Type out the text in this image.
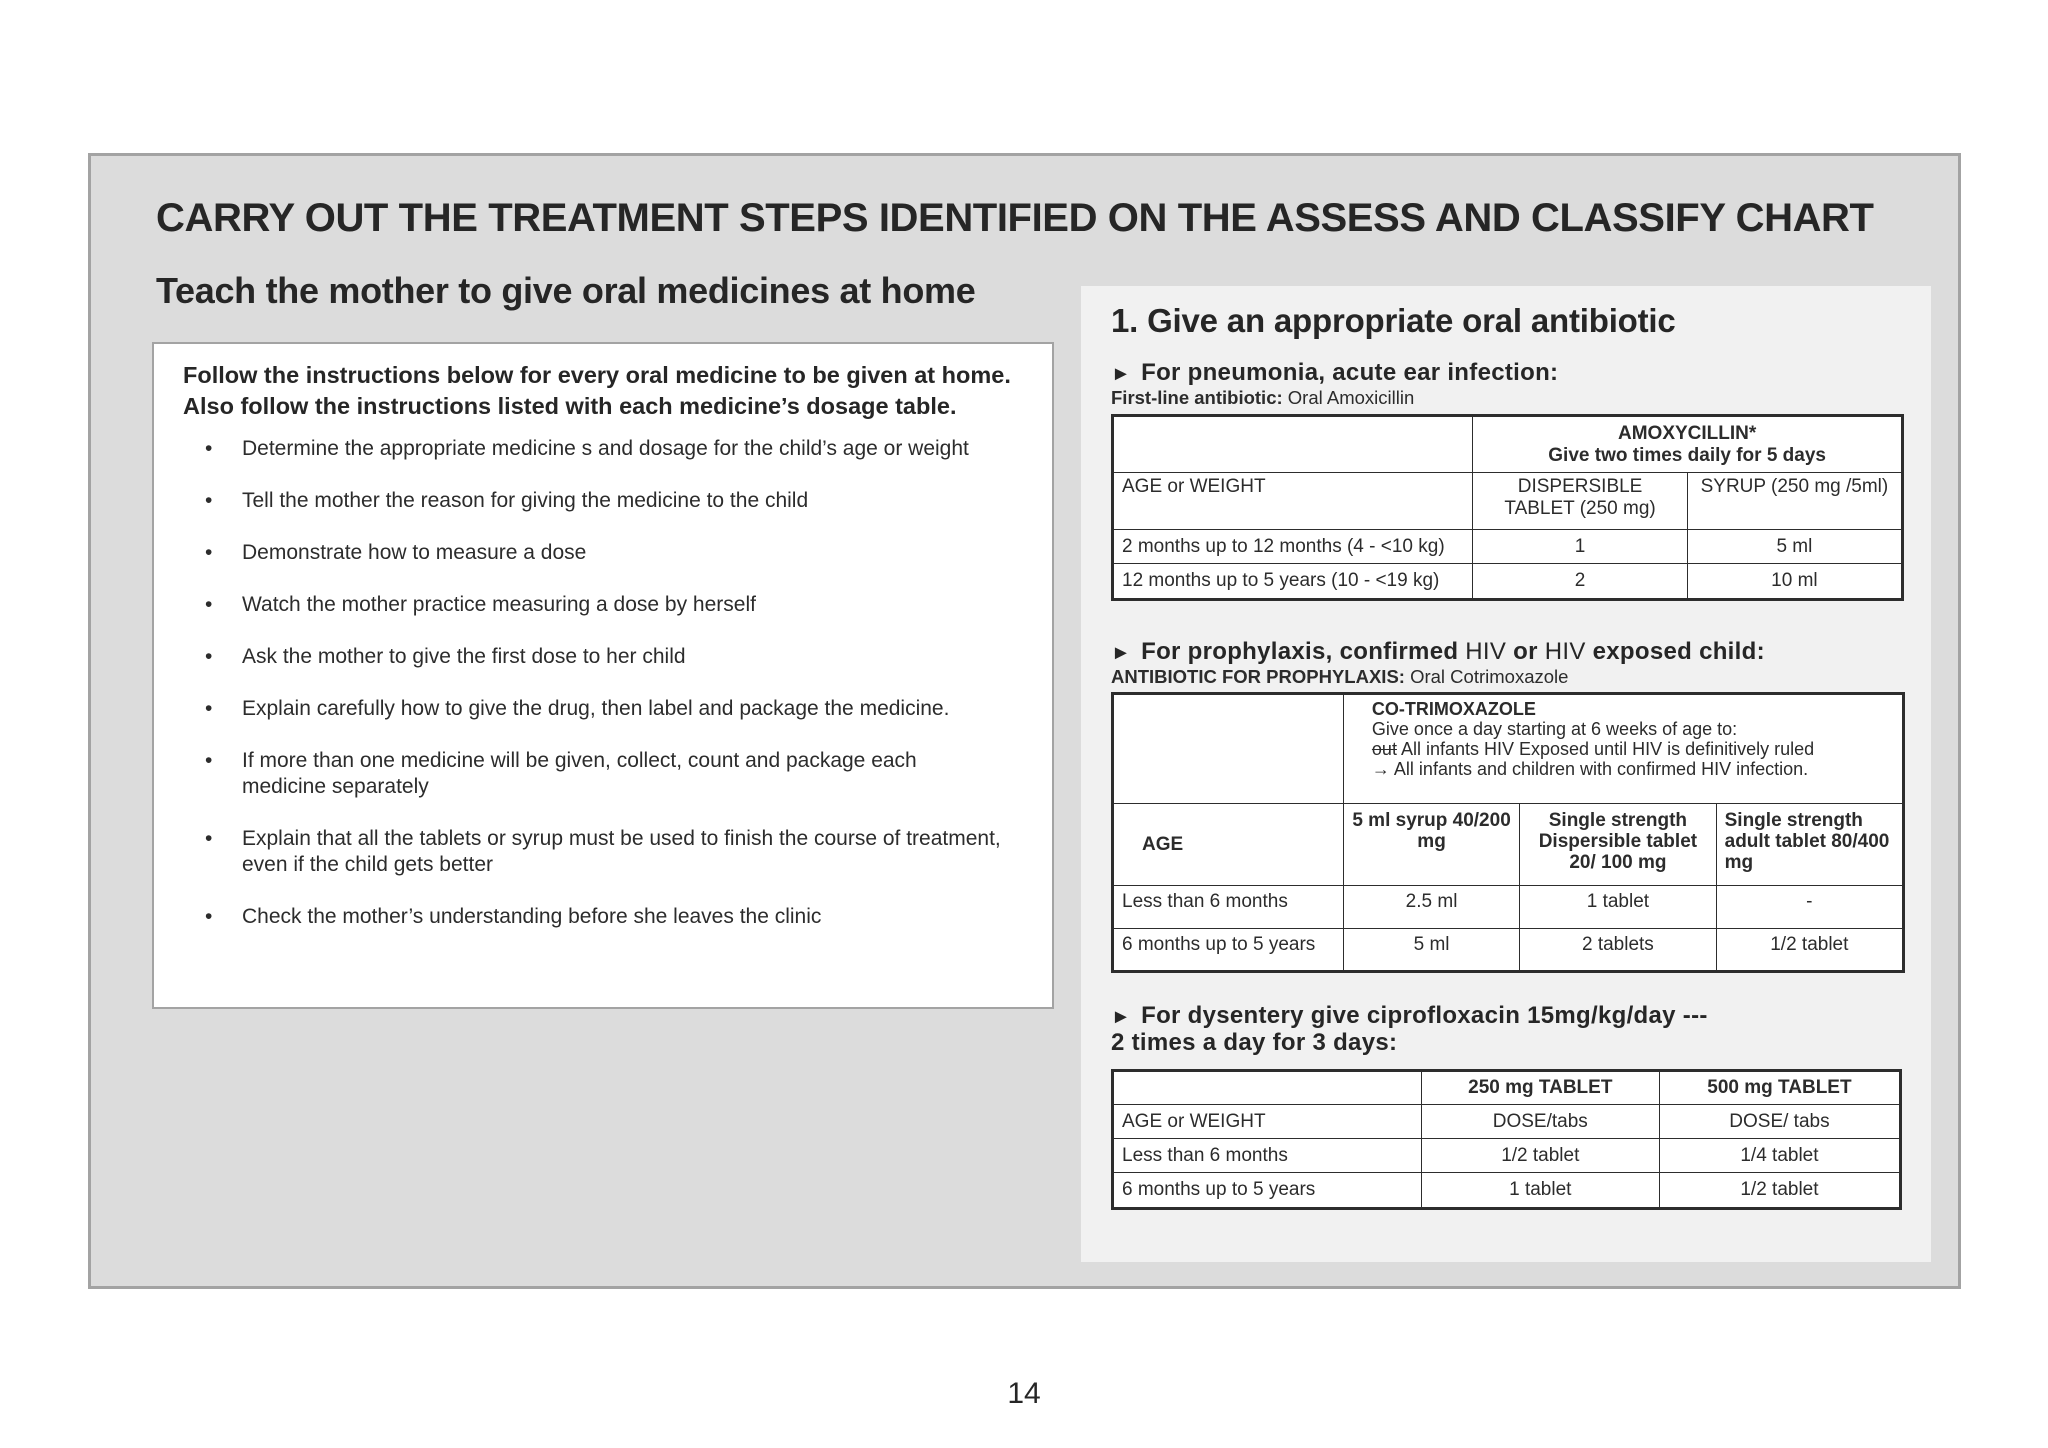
CARRY OUT THE TREATMENT STEPS IDENTIFIED ON THE ASSESS AND CLASSIFY CHART
Teach the mother to give oral medicines at home

Follow the instructions below for every oral medicine to be given at home. Also follow the instructions listed with each medicine’s dosage table.

• Determine the appropriate medicine s and dosage for the child’s age or weight
• Tell the mother the reason for giving the medicine to the child
• Demonstrate how to measure a dose
• Watch the mother practice measuring a dose by herself
• Ask the mother to give the first dose to her child
• Explain carefully how to give the drug, then label and package the medicine.
• If more than one medicine will be given, collect, count and package each medicine separately
• Explain that all the tablets or syrup must be used to finish the course of treatment, even if the child gets better
• Check the mother’s understanding before she leaves the clinic
1. Give an appropriate oral antibiotic
► For pneumonia, acute ear infection:
First-line antibiotic: Oral Amoxicillin

	AMOXYCILLIN*
Give two times daily for 5 days	

AGE or WEIGHT	DISPERSIBLE TABLET (250 mg)	SYRUP (250 mg /5ml)
2 months up to 12 months (4 - <10 kg)	1	5 ml
12 months up to 5 years (10 - <19 kg)	2	10 ml
► For prophylaxis, confirmed HIV or HIV exposed child:
ANTIBIOTIC FOR PROPHYLAXIS: Oral Cotrimoxazole

	CO-TRIMOXAZOLE
Give once a day starting at 6 weeks of age to:
out All infants HIV Exposed until HIV is definitively ruled
→ All infants and children with confirmed HIV infection.		

AGE	5 ml syrup 40/200 mg	Single strength Dispersible tablet 20/ 100 mg	Single strength adult tablet 80/400 mg
Less than 6 months	2.5 ml	1 tablet	-
6 months up to 5 years	5 ml	2 tablets	1/2 tablet
► For dysentery give ciprofloxacin 15mg/kg/day ---
2 times a day for 3 days:
	250 mg TABLET	500 mg TABLET
AGE or WEIGHT	DOSE/tabs	DOSE/ tabs
Less than 6 months	1/2 tablet	1/4 tablet
6 months up to 5 years	1 tablet	1/2 tablet
14
